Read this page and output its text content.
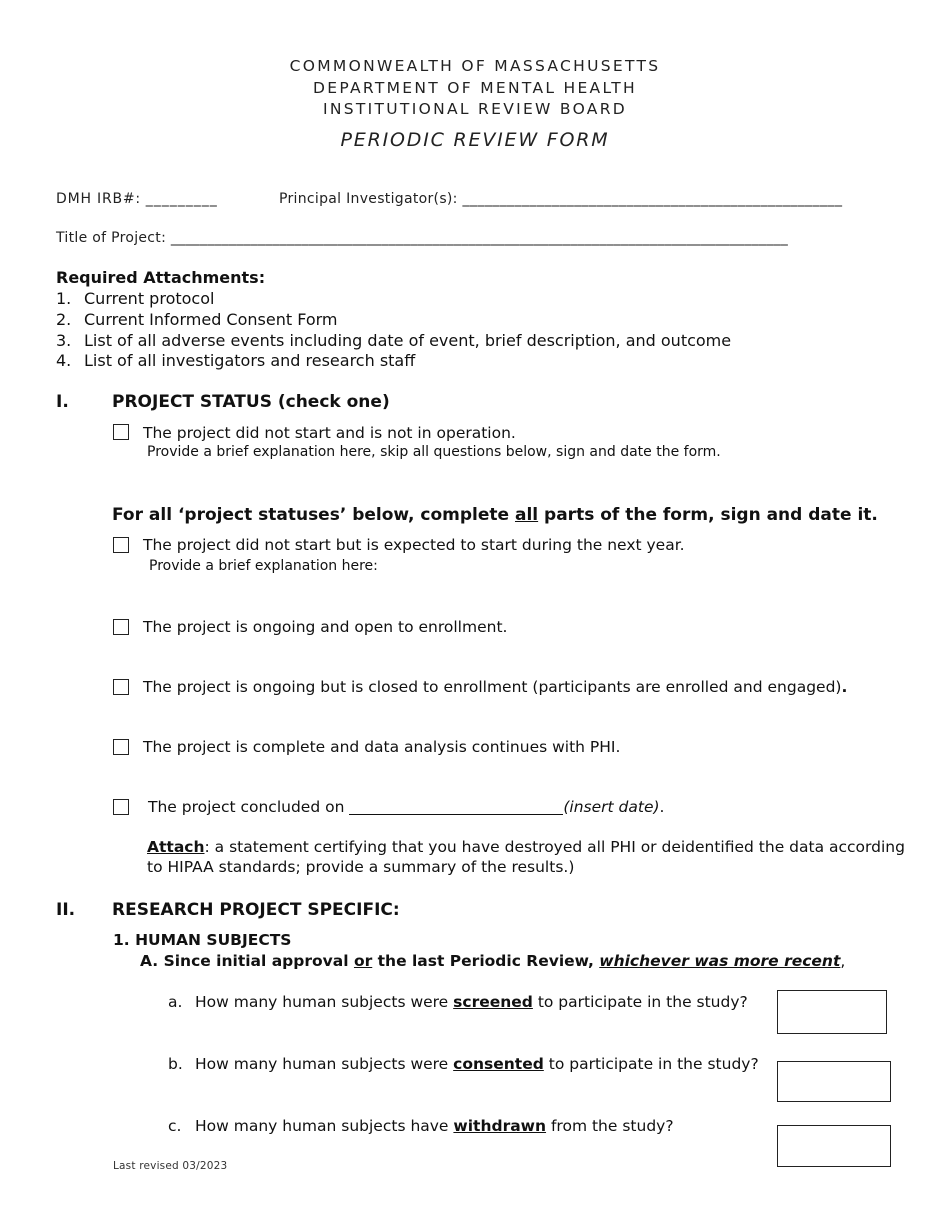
COMMONWEALTH OF MASSACHUSETTS
DEPARTMENT OF MENTAL HEALTH
INSTITUTIONAL REVIEW BOARD
PERIODIC REVIEW FORM
DMH IRB#: _________	Principal Investigator(s): ___________________________________________________
Title of Project: _____________________________________________________________________________________
Required Attachments:
1. Current protocol
2. Current Informed Consent Form
3. List of all adverse events including date of event, brief description, and outcome
4. List of all investigators and research staff
I.	PROJECT STATUS (check one)
The project did not start and is not in operation.
Provide a brief explanation here, skip all questions below, sign and date the form.
For all ‘project statuses’ below, complete all parts of the form, sign and date it.
The project did not start but is expected to start during the next year.
Provide a brief explanation here:
The project is ongoing and open to enrollment.
The project is ongoing but is closed to enrollment (participants are enrolled and engaged).
The project is complete and data analysis continues with PHI.
The project concluded on	(insert date).
Attach: a statement certifying that you have destroyed all PHI or deidentified the data according
to HIPAA standards; provide a summary of the results.)
II. RESEARCH PROJECT SPECIFIC:
1. HUMAN SUBJECTS
A. Since initial approval or the last Periodic Review, whichever was more recent,
a. How many human subjects were screened to participate in the study?
b. How many human subjects were consented to participate in the study?
c. How many human subjects have withdrawn from the study?
Last revised 03/2023
